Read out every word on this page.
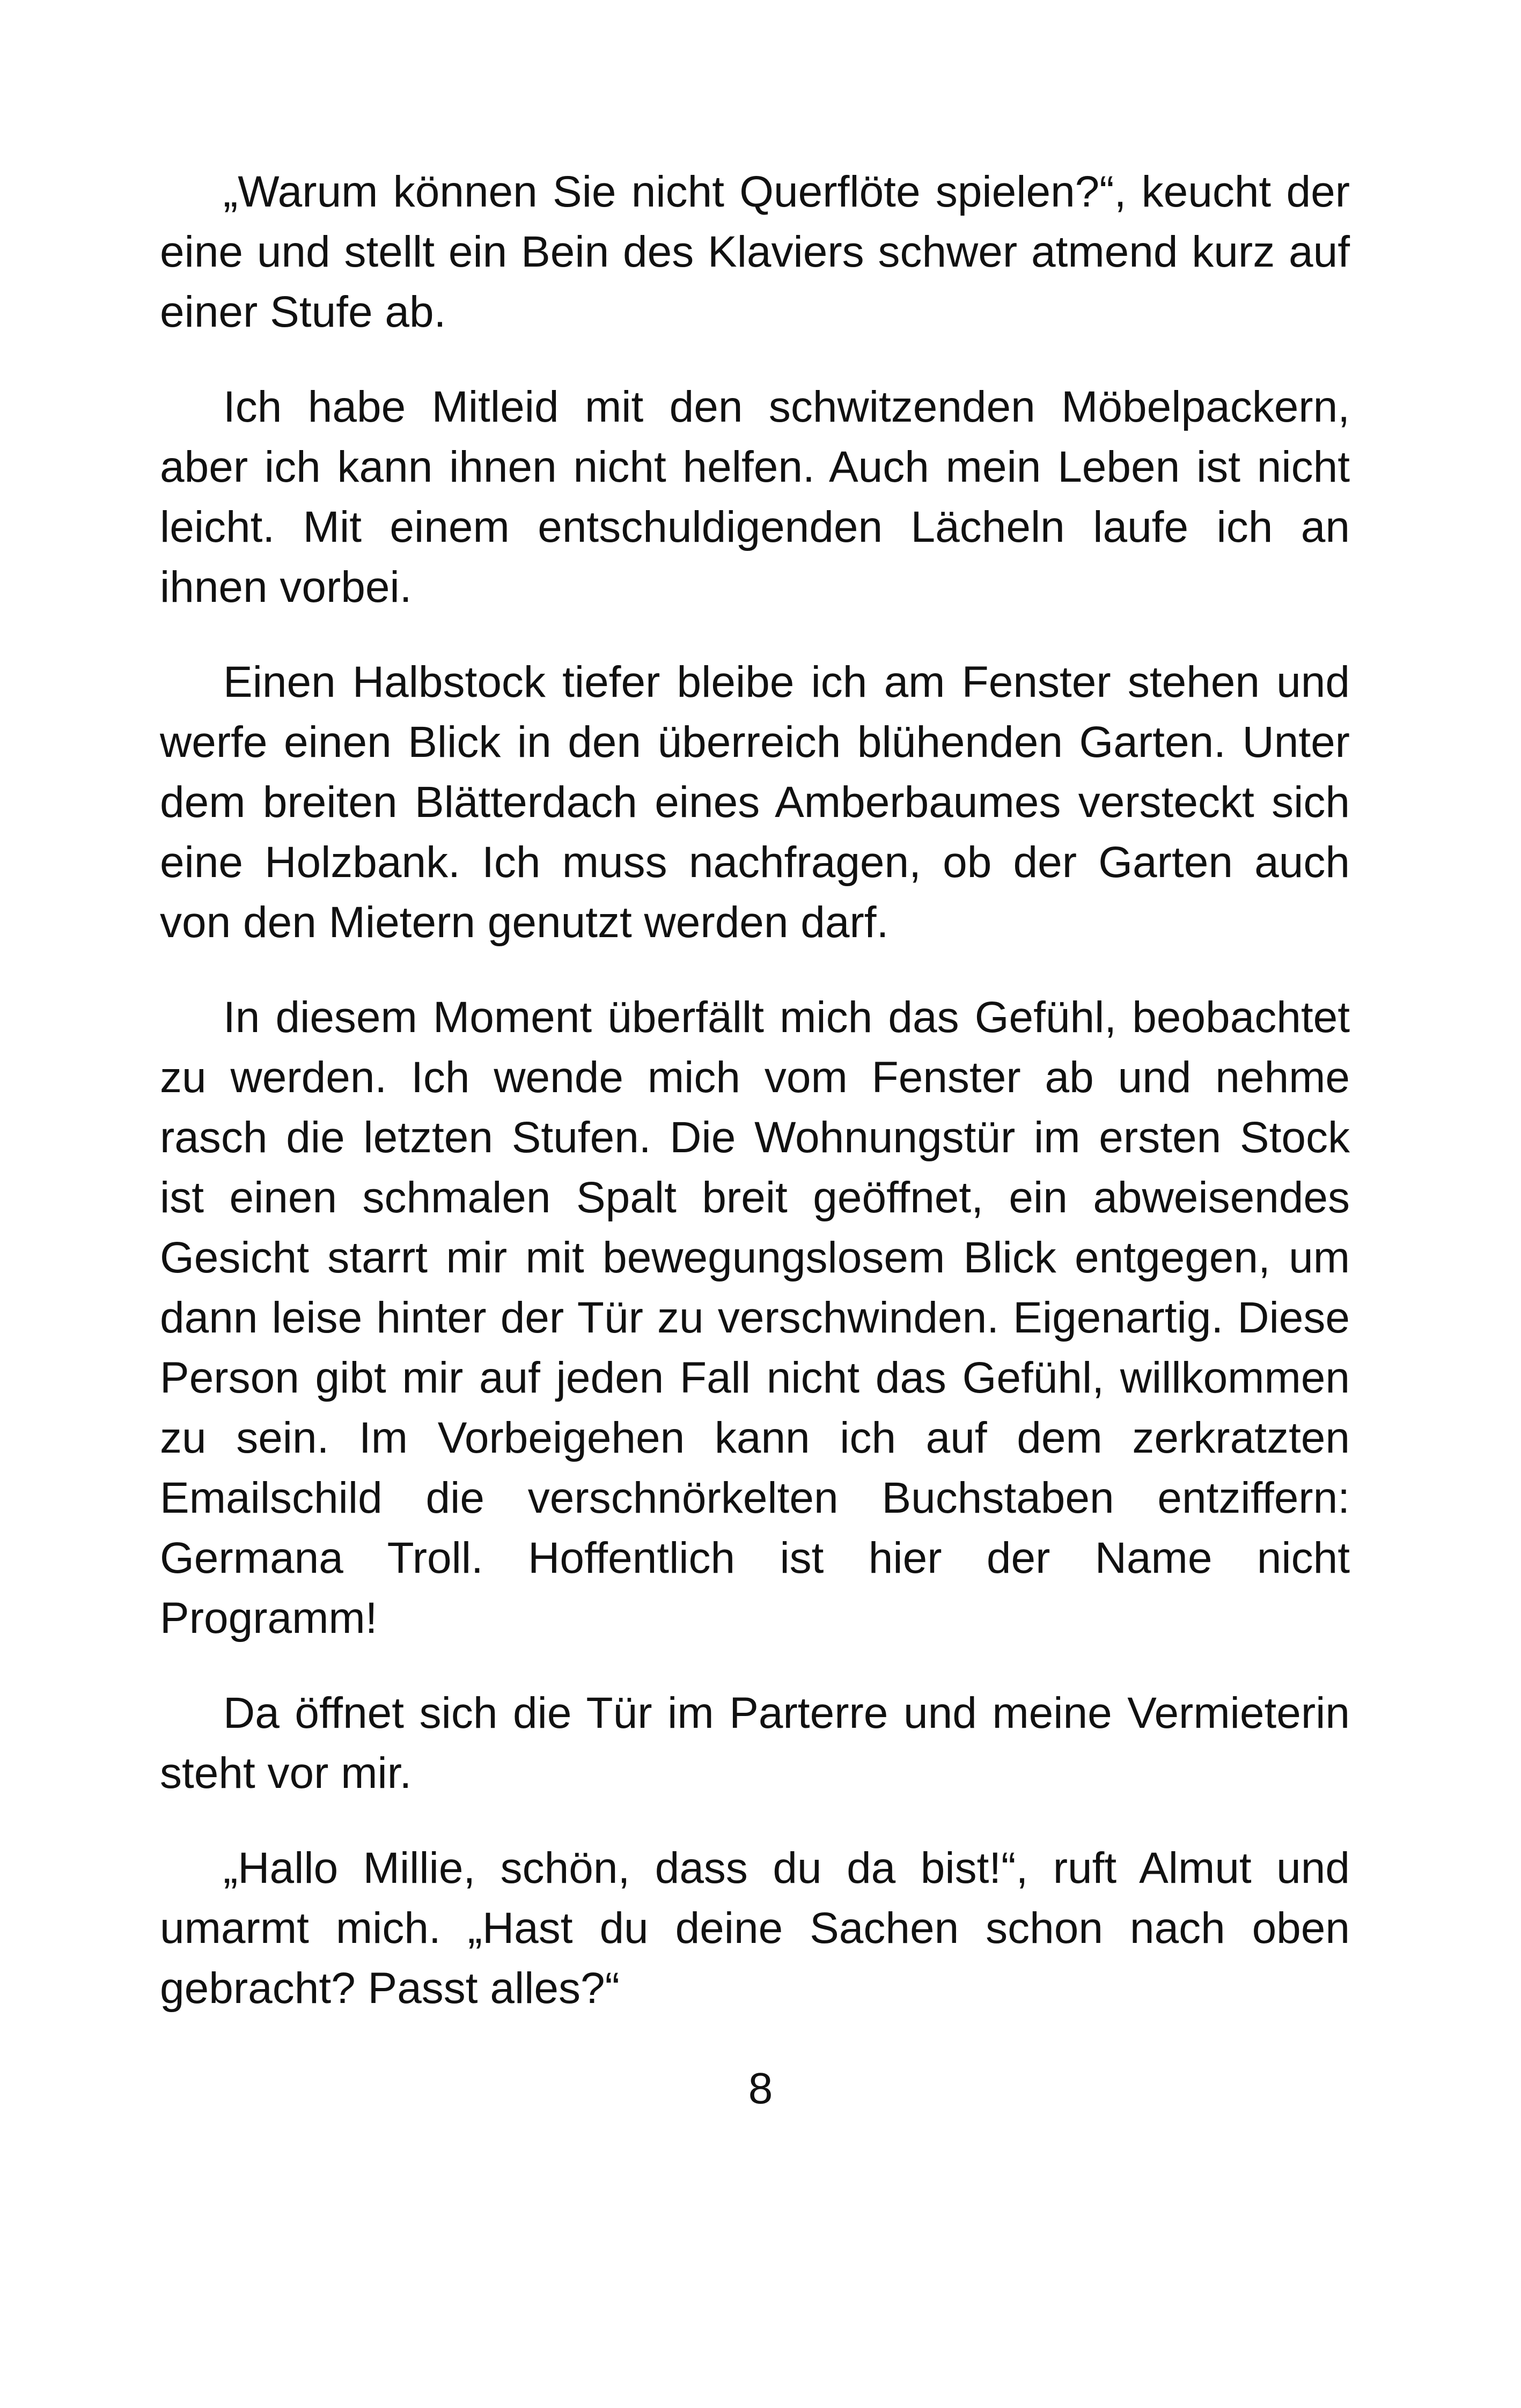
„Warum können Sie nicht Querflöte spielen?“, keucht der eine und stellt ein Bein des Klaviers schwer atmend kurz auf einer Stufe ab.

Ich habe Mitleid mit den schwitzenden Möbelpackern, aber ich kann ihnen nicht helfen. Auch mein Leben ist nicht leicht. Mit einem entschuldigenden Lächeln laufe ich an ihnen vorbei.

Einen Halbstock tiefer bleibe ich am Fenster stehen und werfe einen Blick in den überreich blühenden Garten. Unter dem breiten Blätterdach eines Amberbaumes versteckt sich eine Holzbank. Ich muss nachfragen, ob der Garten auch von den Mietern genutzt werden darf.

In diesem Moment überfällt mich das Gefühl, beobachtet zu werden. Ich wende mich vom Fenster ab und nehme rasch die letzten Stufen. Die Wohnungstür im ersten Stock ist einen schmalen Spalt breit geöffnet, ein abweisendes Gesicht starrt mir mit bewegungslosem Blick entgegen, um dann leise hinter der Tür zu verschwinden. Eigenartig. Diese Person gibt mir auf jeden Fall nicht das Gefühl, willkommen zu sein. Im Vorbeigehen kann ich auf dem zerkratzten Emailschild die verschnörkelten Buchstaben entziffern: Germana Troll. Hoffentlich ist hier der Name nicht Programm!

Da öffnet sich die Tür im Parterre und meine Vermieterin steht vor mir.

„Hallo Millie, schön, dass du da bist!“, ruft Almut und umarmt mich. „Hast du deine Sachen schon nach oben gebracht? Passt alles?“

8
